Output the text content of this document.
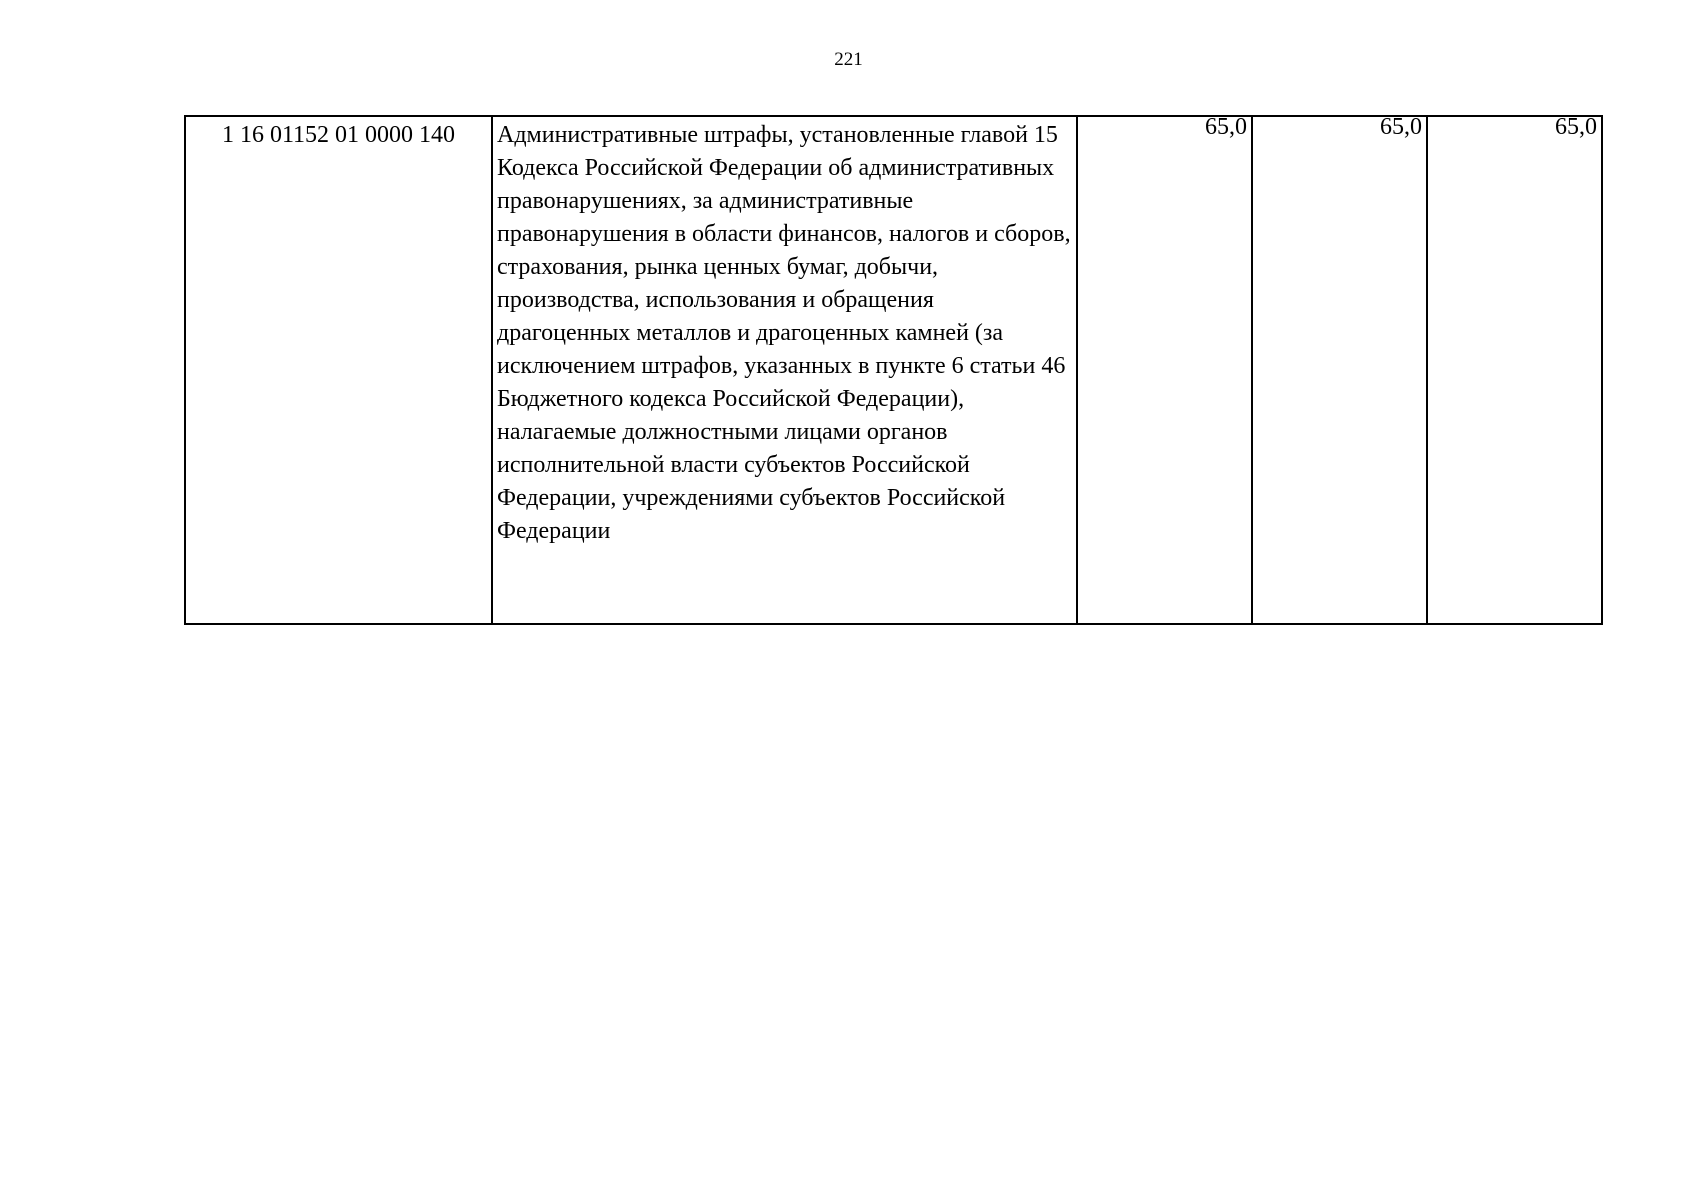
221
1 16 01152 01 0000 140	Административные штрафы, установленные главой 15 Кодекса Российской Федерации об административных правонарушениях, за административные правонарушения в области финансов, налогов и сборов, страхования, рынка ценных бумаг, добычи, производства, использования и обращения драгоценных металлов и драгоценных камней (за исключением штрафов, указанных в пункте 6 статьи 46 Бюджетного кодекса Российской Федерации), налагаемые должностными лицами органов исполнительной власти субъектов Российской Федерации, учреждениями субъектов Российской Федерации	65,0	65,0	65,0
